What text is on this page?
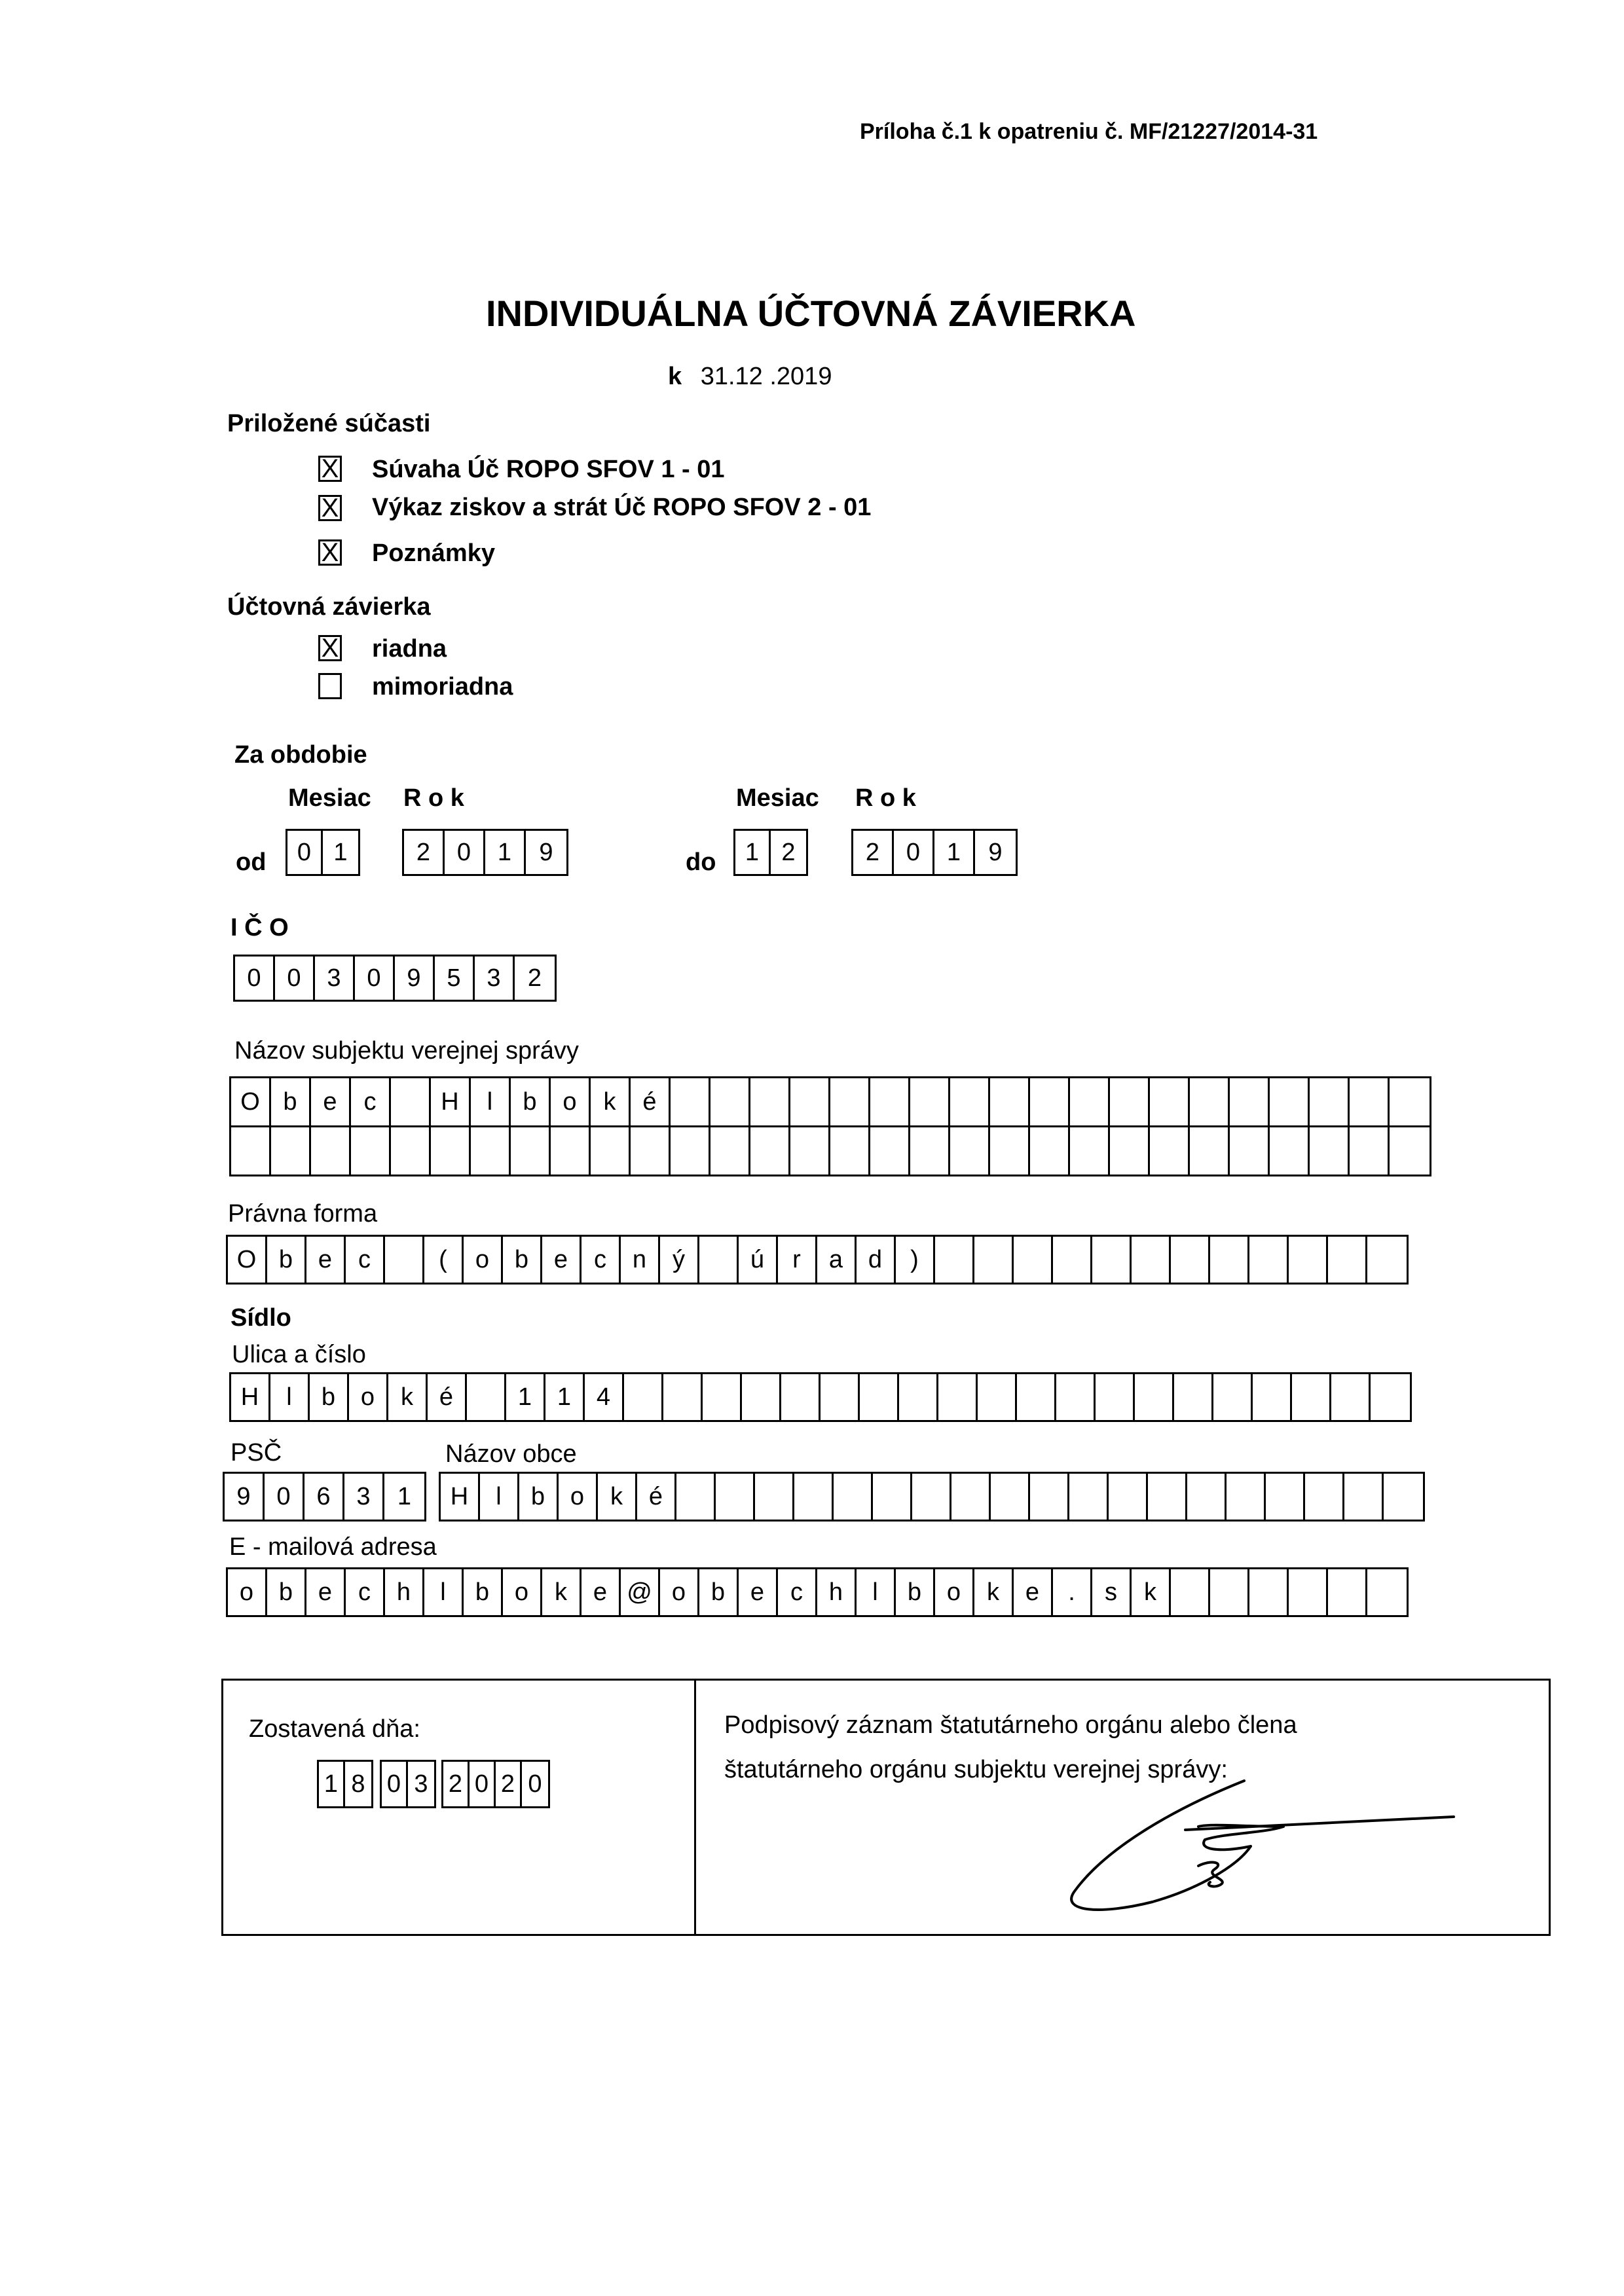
Príloha č.1 k opatreniu č. MF/21227/2014-31
INDIVIDUÁLNA ÚČTOVNÁ ZÁVIERKA
k 31.12 .2019
Priložené súčasti
X Súvaha Úč ROPO SFOV 1 - 01
X Výkaz ziskov a strát Úč ROPO SFOV 2 - 01
X Poznámky
Účtovná závierka
X riadna
mimoriadna
Za obdobie
Mesiac R o k	Mesiac R o k
od	0 1	2	0	1	9	do	1 2	2	0	1	9
I Č O
0	0	3	0	9	5	3	2
Názov subjektu verejnej správy
O b	e	c	H	l	b	o	k	é
Právna forma
O b	e	c	(	o	b	e	c	n	ý	ú	r	a	d	)
Sídlo
Ulica a číslo
H	l	b	o	k	é	1	1	4
PSČ	Názov obce
9	0	6	3	1	H	l	b	o	k	é
E - mailová adresa
o	b	e	c	h	l	b	o	k	e @ o	b	e	c	h	l	b	o	k	e	.	s	k
Zostavená dňa:
1 8 0 3 2 0 2 0
Podpisový záznam štatutárneho orgánu alebo člena
štatutárneho orgánu subjektu verejnej správy:
